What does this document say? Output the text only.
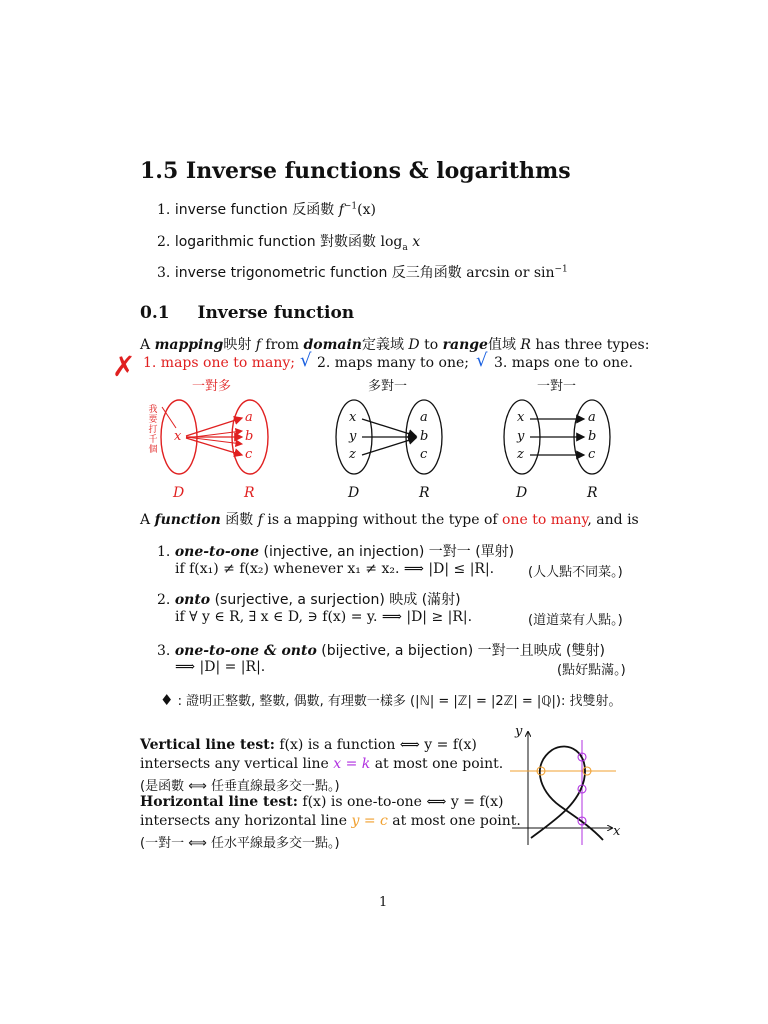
1.5 Inverse functions & logarithms
1. inverse function 反函數 $f^{-1}(x)$
2. logarithmic function 對數函數 $\log_a x$
3. inverse trigonometric function 反三角函數 arcsin or $\sin^{-1}$
0.1 Inverse function
A mapping映射 f from domain定義域 D to range值域 R has three types:
✗	√	√
1. maps one to many; 2. maps many to one; 3. maps one to one.
一對多	多對一	一對一
我
要
打
千
個
x
a
b
c
D	R
x
y
z
a
b
c
D	R
x
y
z
a
b
c
D	R
A function 函數 f is a mapping without the type of one to many, and is
1. one-to-one (injective, an injection) 一對一 (單射)
if f(x₁) ≠ f(x₂) whenever x₁ ≠ x₂. ⟹ |D| ≤ |R|.	(人人點不同菜。)
2. onto (surjective, a surjection) 映成 (滿射)
if ∀ y ∈ R, ∃ x ∈ D, ∋ f(x) = y. ⟹ |D| ≥ |R|.	(道道菜有人點。)
3. one-to-one & onto (bijective, a bijection) 一對一且映成 (雙射)
⟹ |D| = |R|.	(點好點滿。)
♦ : 證明正整數, 整數, 偶數, 有理數一樣多 (|ℕ| = |ℤ| = |2ℤ| = |ℚ|): 找雙射。
Vertical line test: f(x) is a function ⟺ y = f(x)
intersects any vertical line x = k at most one point.
(是函數 ⟺ 任垂直線最多交一點。)
Horizontal line test: f(x) is one-to-one ⟺ y = f(x)
intersects any horizontal line y = c at most one point.
(一對一 ⟺ 任水平線最多交一點。)
y
x
1
